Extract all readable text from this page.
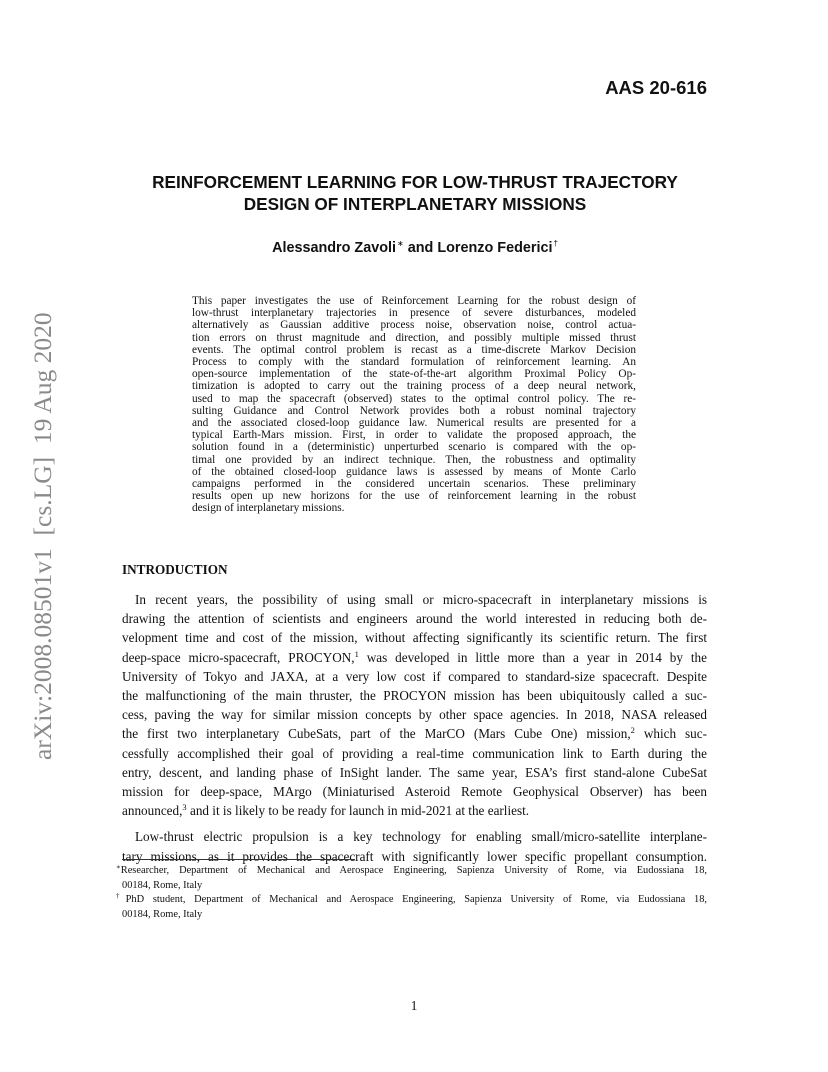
AAS 20-616
REINFORCEMENT LEARNING FOR LOW-THRUST TRAJECTORY
DESIGN OF INTERPLANETARY MISSIONS
Alessandro Zavoli∗ and Lorenzo Federici†
arXiv:2008.08501v1  [cs.LG]  19 Aug 2020
This paper investigates the use of Reinforcement Learning for the robust design of
low-thrust interplanetary trajectories in presence of severe disturbances, modeled
alternatively as Gaussian additive process noise, observation noise, control actua-
tion errors on thrust magnitude and direction, and possibly multiple missed thrust
events. The optimal control problem is recast as a time-discrete Markov Decision
Process to comply with the standard formulation of reinforcement learning. An
open-source implementation of the state-of-the-art algorithm Proximal Policy Op-
timization is adopted to carry out the training process of a deep neural network,
used to map the spacecraft (observed) states to the optimal control policy. The re-
sulting Guidance and Control Network provides both a robust nominal trajectory
and the associated closed-loop guidance law. Numerical results are presented for a
typical Earth-Mars mission. First, in order to validate the proposed approach, the
solution found in a (deterministic) unperturbed scenario is compared with the op-
timal one provided by an indirect technique. Then, the robustness and optimality
of the obtained closed-loop guidance laws is assessed by means of Monte Carlo
campaigns performed in the considered uncertain scenarios. These preliminary
results open up new horizons for the use of reinforcement learning in the robust
design of interplanetary missions.
INTRODUCTION
In recent years, the possibility of using small or micro-spacecraft in interplanetary missions is
drawing the attention of scientists and engineers around the world interested in reducing both de-
velopment time and cost of the mission, without affecting significantly its scientific return. The first
deep-space micro-spacecraft, PROCYON,$^1$ was developed in little more than a year in 2014 by the
University of Tokyo and JAXA, at a very low cost if compared to standard-size spacecraft. Despite
the malfunctioning of the main thruster, the PROCYON mission has been ubiquitously called a suc-
cess, paving the way for similar mission concepts by other space agencies. In 2018, NASA released
the first two interplanetary CubeSats, part of the MarCO (Mars Cube One) mission,$^2$ which suc-
cessfully accomplished their goal of providing a real-time communication link to Earth during the
entry, descent, and landing phase of InSight lander. The same year, ESA’s first stand-alone CubeSat
mission for deep-space, MArgo (Miniaturised Asteroid Remote Geophysical Observer) has been
announced,$^3$ and it is likely to be ready for launch in mid-2021 at the earliest.
Low-thrust electric propulsion is a key technology for enabling small/micro-satellite interplane-
tary missions, as it provides the spacecraft with significantly lower specific propellant consumption.
∗Researcher, Department of Mechanical and Aerospace Engineering, Sapienza University of Rome, via Eudossiana 18,
00184, Rome, Italy
†PhD student, Department of Mechanical and Aerospace Engineering, Sapienza University of Rome, via Eudossiana 18,
00184, Rome, Italy
1
